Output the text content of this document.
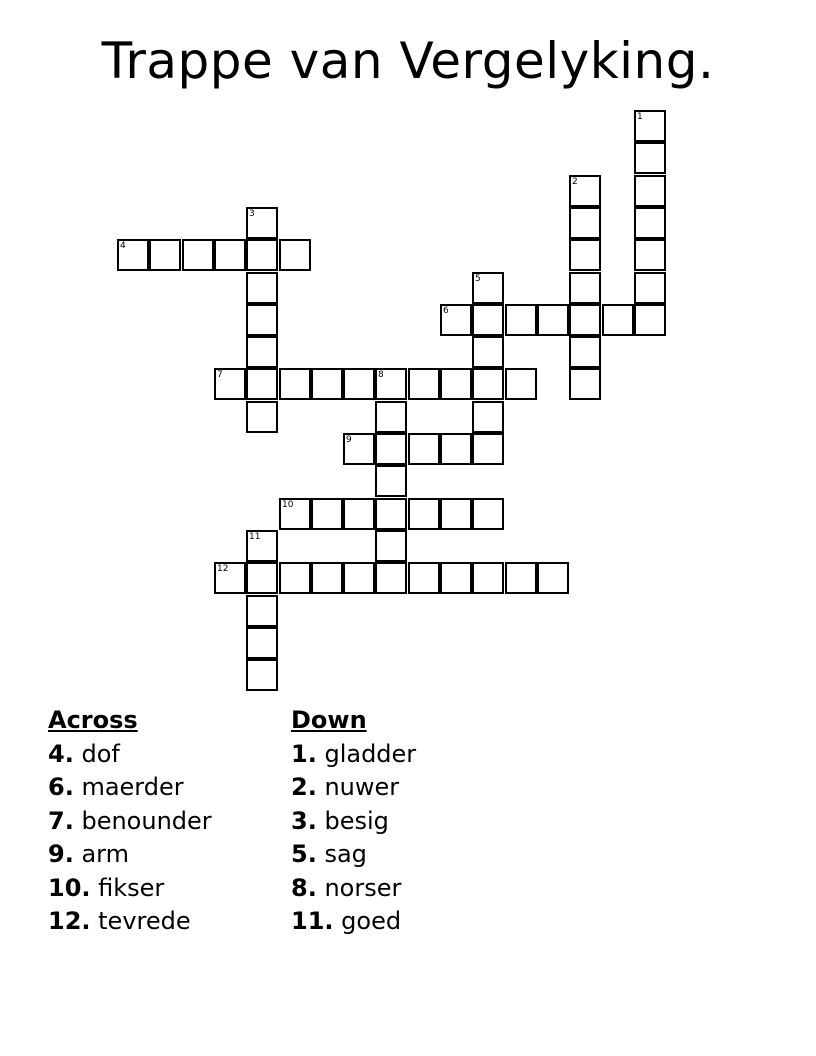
Trappe van Vergelyking.
4
6
7	8
9
10
12
1
2
3
5
11
Across
4. dof
6. maerder
7. benounder
9. arm
10. fikser
12. tevrede
Down
1. gladder
2. nuwer
3. besig
5. sag
8. norser
11. goed
